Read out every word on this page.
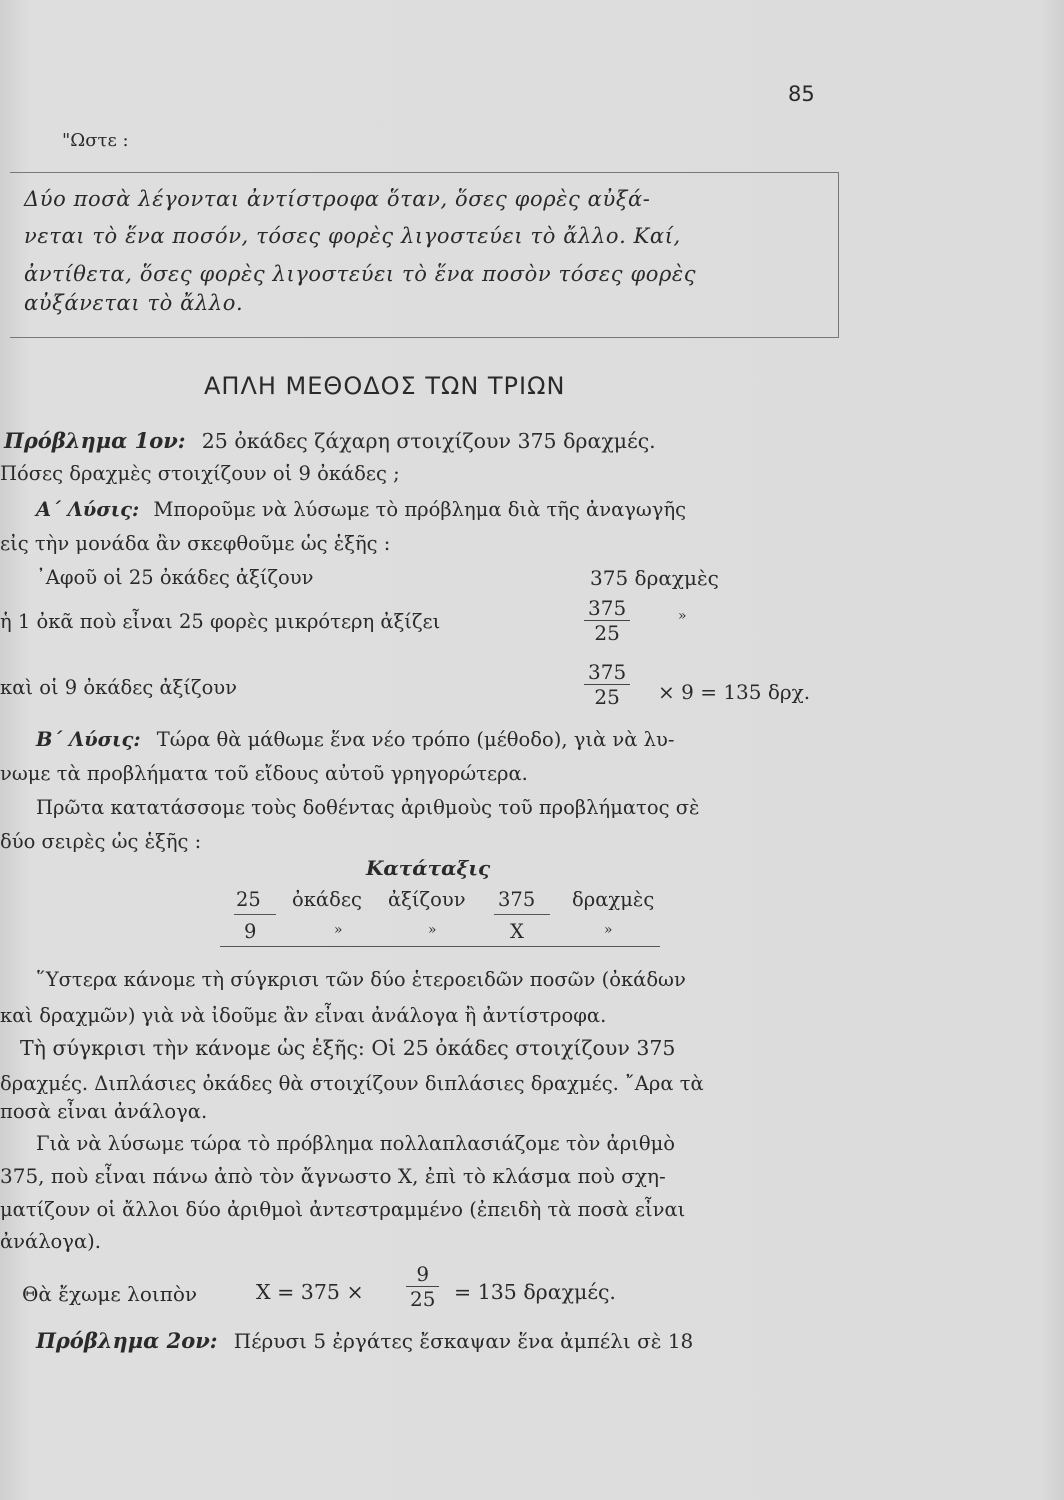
85
"Ωστε :
Δύο ποσὰ λέγονται ἀντίστροφα ὅταν, ὅσες φορὲς αὐξά-
νεται τὸ ἕνα ποσόν, τόσες φορὲς λιγοστεύει τὸ ἄλλο. Καί,
ἀντίθετα, ὅσες φορὲς λιγοστεύει τὸ ἕνα ποσὸν τόσες φορὲς
αὐξάνεται τὸ ἄλλο.
ΑΠΛΗ ΜΕΘΟΔΟΣ ΤΩΝ ΤΡΙΩΝ
Πρόβλημα 1ον: 25 ὀκάδες ζάχαρη στοιχίζουν 375 δραχμές.
Πόσες δραχμὲς στοιχίζουν οἱ 9 ὀκάδες ;
Α΄ Λύσις: Μποροῦμε νὰ λύσωμε τὸ πρόβλημα διὰ τῆς ἀναγωγῆς
εἰς τὴν μονάδα ἂν σκεφθοῦμε ὡς ἑξῆς :
᾿Αφοῦ οἱ 25 ὀκάδες ἀξίζουν	375 δραχμὲς
ἡ 1 ὀκᾶ ποὺ εἶναι 25 φορὲς μικρότερη ἀξίζει
375
25
»
καὶ οἱ 9 ὀκάδες ἀξίζουν
375
25	× 9 = 135 δρχ.
Β΄ Λύσις: Τώρα θὰ μάθωμε ἕνα νέο τρόπο (μέθοδο), γιὰ νὰ λυ-
νωμε τὰ προβλήματα τοῦ εἴδους αὐτοῦ γρηγορώτερα.
Πρῶτα κατατάσσομε τοὺς δοθέντας ἀριθμοὺς τοῦ προβλήματος σὲ
δύο σειρὲς ὡς ἑξῆς :
Κατάταξις
25 ὀκάδες ἀξίζουν 375 δραχμὲς
9	»	»	X	»
῞Υστερα κάνομε τὴ σύγκρισι τῶν δύο ἑτεροειδῶν ποσῶν (ὀκάδων
καὶ δραχμῶν) γιὰ νὰ ἰδοῦμε ἂν εἶναι ἀνάλογα ἢ ἀντίστροφα.
Τὴ σύγκρισι τὴν κάνομε ὡς ἑξῆς: Οἱ 25 ὀκάδες στοιχίζουν 375
δραχμές. Διπλάσιες ὀκάδες θὰ στοιχίζουν διπλάσιες δραχμές. ῎Αρα τὰ
ποσὰ εἶναι ἀνάλογα.
Γιὰ νὰ λύσωμε τώρα τὸ πρόβλημα πολλαπλασιάζομε τὸν ἀριθμὸ
375, ποὺ εἶναι πάνω ἀπὸ τὸν ἄγνωστο X, ἐπὶ τὸ κλάσμα ποὺ σχη-
ματίζουν οἱ ἄλλοι δύο ἀριθμοὶ ἀντεστραμμένο (ἐπειδὴ τὰ ποσὰ εἶναι
ἀνάλογα).
Θὰ ἔχωμε λοιπὸν	X = 375 ×
9
25 = 135 δραχμές.
Πρόβλημα 2ον: Πέρυσι 5 ἐργάτες ἔσκαψαν ἕνα ἀμπέλι σὲ 18
